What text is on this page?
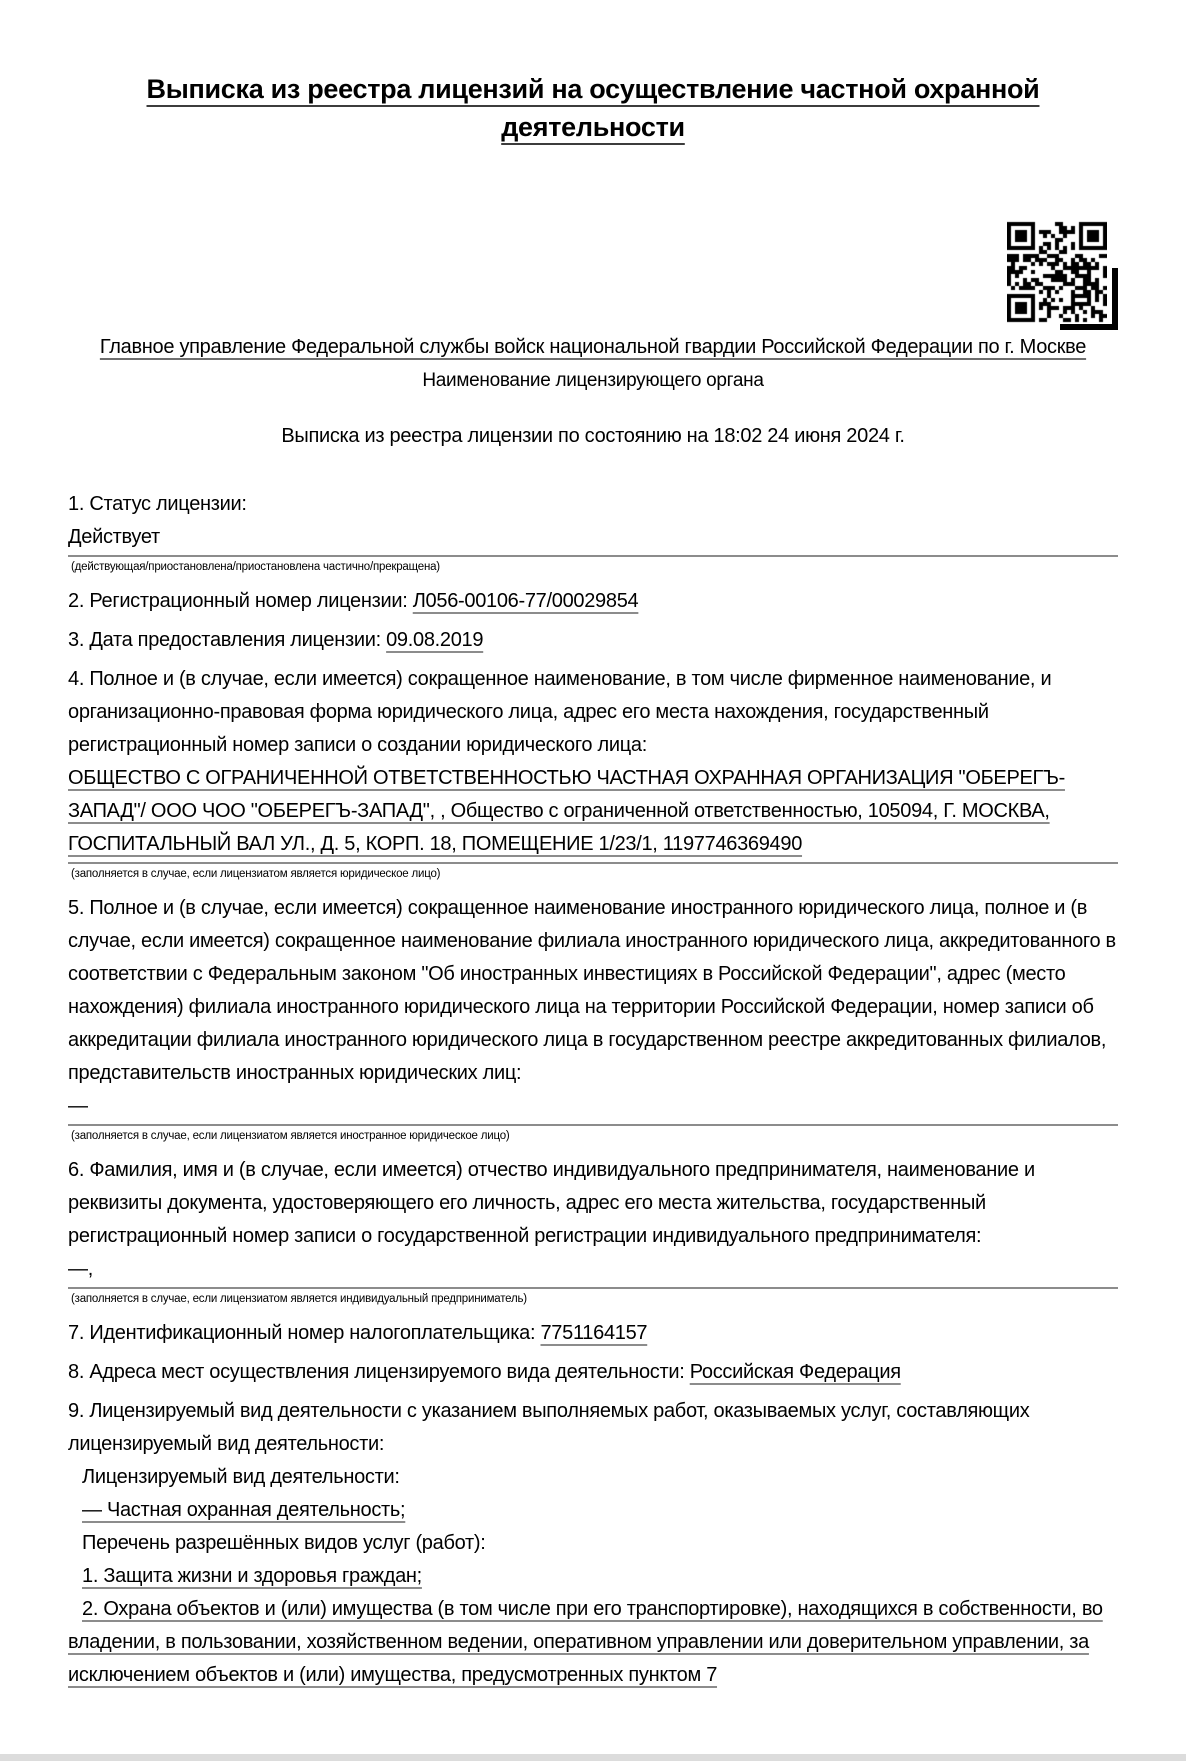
Выписка из реестра лицензий на осуществление частной охранной деятельности
Главное управление Федеральной службы войск национальной гвардии Российской Федерации по г. Москве
Наименование лицензирующего органа
Выписка из реестра лицензии по состоянию на 18:02 24 июня 2024 г.

1. Статус лицензии:

Действует

(действующая/приостановлена/приостановлена частично/прекращена)

2. Регистрационный номер лицензии: Л056-00106-77/00029854

3. Дата предоставления лицензии: 09.08.2019

4. Полное и (в случае, если имеется) сокращенное наименование, в том числе фирменное наименование, и организационно-правовая форма юридического лица, адрес его места нахождения, государственный регистрационный номер записи о создании юридического лица:

ОБЩЕСТВО С ОГРАНИЧЕННОЙ ОТВЕТСТВЕННОСТЬЮ ЧАСТНАЯ ОХРАННАЯ ОРГАНИЗАЦИЯ "ОБЕРЕГЪ-ЗАПАД"/ ООО ЧОО "ОБЕРЕГЪ-ЗАПАД", , Общество с ограниченной ответственностью, 105094, Г. МОСКВА, ГОСПИТАЛЬНЫЙ ВАЛ УЛ., Д. 5, КОРП. 18, ПОМЕЩЕНИЕ 1/23/1, 1197746369490

(заполняется в случае, если лицензиатом является юридическое лицо)

5. Полное и (в случае, если имеется) сокращенное наименование иностранного юридического лица, полное и (в случае, если имеется) сокращенное наименование филиала иностранного юридического лица, аккредитованного в соответствии с Федеральным законом "Об иностранных инвестициях в Российской Федерации", адрес (место нахождения) филиала иностранного юридического лица на территории Российской Федерации, номер записи об аккредитации филиала иностранного юридического лица в государственном реестре аккредитованных филиалов, представительств иностранных юридических лиц:

—

(заполняется в случае, если лицензиатом является иностранное юридическое лицо)

6. Фамилия, имя и (в случае, если имеется) отчество индивидуального предпринимателя, наименование и реквизиты документа, удостоверяющего его личность, адрес его места жительства, государственный регистрационный номер записи о государственной регистрации индивидуального предпринимателя:

—,

(заполняется в случае, если лицензиатом является индивидуальный предприниматель)

7. Идентификационный номер налогоплательщика: 7751164157

8. Адреса мест осуществления лицензируемого вида деятельности: Российская Федерация

9. Лицензируемый вид деятельности с указанием выполняемых работ, оказываемых услуг, составляющих лицензируемый вид деятельности:

Лицензируемый вид деятельности:

— Частная охранная деятельность;

Перечень разрешённых видов услуг (работ):

1. Защита жизни и здоровья граждан;

2. Охрана объектов и (или) имущества (в том числе при его транспортировке), находящихся в собственности, во владении, в пользовании, хозяйственном ведении, оперативном управлении или доверительном управлении, за исключением объектов и (или) имущества, предусмотренных пунктом 7
